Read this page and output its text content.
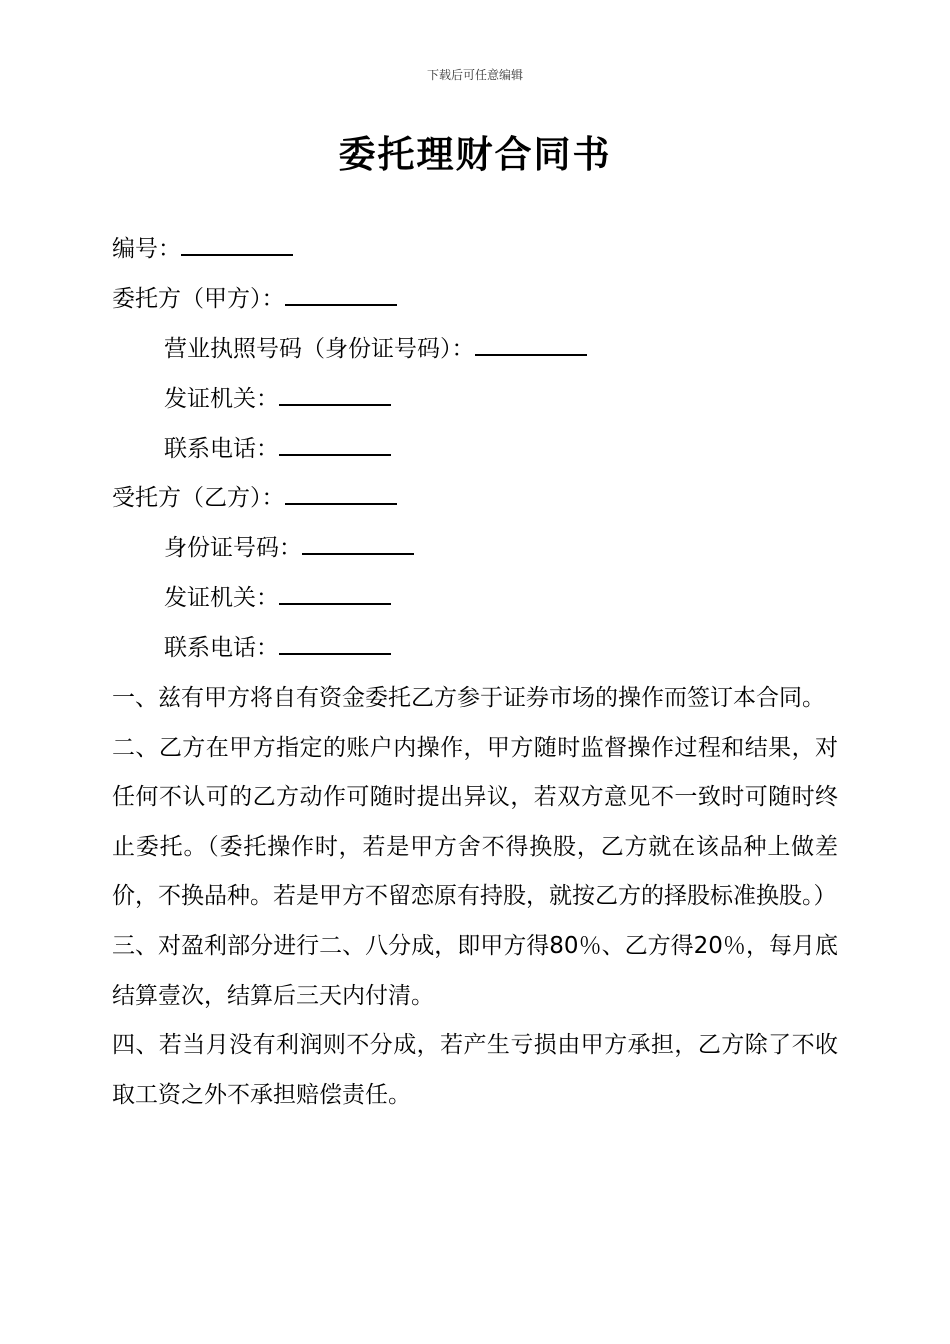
下载后可任意编辑
委托理财合同书
编号：
委托方（甲方）：
营业执照号码（身份证号码）：
发证机关：
联系电话：
受托方（乙方）：
身份证号码：
发证机关：
联系电话：

一、兹有甲方将自有资金委托乙方参于证券市场的操作而签订本合同。

二、乙方在甲方指定的账户内操作，甲方随时监督操作过程和结果，对任何不认可的乙方动作可随时提出异议，若双方意见不一致时可随时终止委托。（委托操作时，若是甲方舍不得换股，乙方就在该品种上做差价，不换品种。若是甲方不留恋原有持股，就按乙方的择股标准换股。）

三、对盈利部分进行二、八分成，即甲方得80％、乙方得20％，每月底结算壹次，结算后三天内付清。

四、若当月没有利润则不分成，若产生亏损由甲方承担，乙方除了不收取工资之外不承担赔偿责任。
